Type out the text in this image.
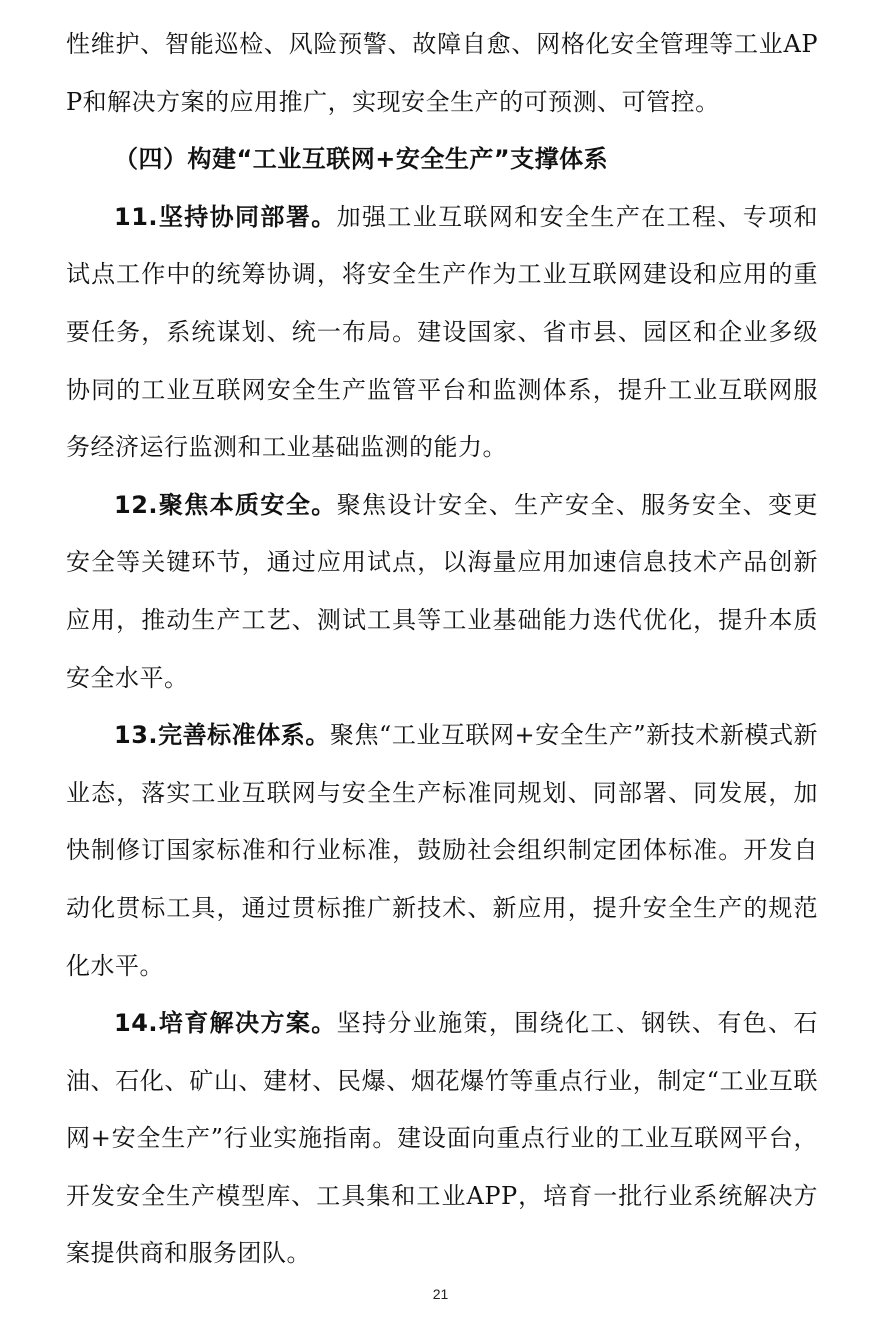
性维护、智能巡检、风险预警、故障自愈、网格化安全管理等工业APP和解决方案的应用推广，实现安全生产的可预测、可管控。

（四）构建“工业互联网+安全生产”支撑体系

11.坚持协同部署。加强工业互联网和安全生产在工程、专项和试点工作中的统筹协调，将安全生产作为工业互联网建设和应用的重要任务，系统谋划、统一布局。建设国家、省市县、园区和企业多级协同的工业互联网安全生产监管平台和监测体系，提升工业互联网服务经济运行监测和工业基础监测的能力。

12.聚焦本质安全。聚焦设计安全、生产安全、服务安全、变更安全等关键环节，通过应用试点，以海量应用加速信息技术产品创新应用，推动生产工艺、测试工具等工业基础能力迭代优化，提升本质安全水平。

13.完善标准体系。聚焦“工业互联网+安全生产”新技术新模式新业态，落实工业互联网与安全生产标准同规划、同部署、同发展，加快制修订国家标准和行业标准，鼓励社会组织制定团体标准。开发自动化贯标工具，通过贯标推广新技术、新应用，提升安全生产的规范化水平。

14.培育解决方案。坚持分业施策，围绕化工、钢铁、有色、石油、石化、矿山、建材、民爆、烟花爆竹等重点行业，制定“工业互联网+安全生产”行业实施指南。建设面向重点行业的工业互联网平台，开发安全生产模型库、工具集和工业APP，培育一批行业系统解决方案提供商和服务团队。

21
